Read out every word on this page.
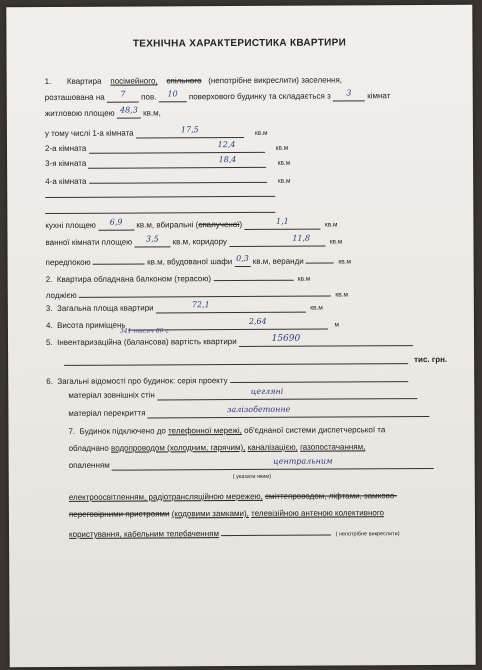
ТЕХНІЧНА ХАРАКТЕРИСТИКА КВАРТИРИ
1. Квартира посімейного, спільного (непотрібне викреслити) заселення,
розташована на 7 пов. 10 поверхового будинку та складається з 3 кімнат
житловою площею 48,3 кв.м,
у тому числі 1-а кімната	17,5	кв.м
2-а кімната	12,4	кв.м
3-я кімната	18,4	кв.м
4-а кімната	кв.м
кухні площею 6,9 кв.м, вбиральні (спалученої)	1,1	кв.м
ванної кімнати площею 3,5 кв.м, коридору	11,8	кв.м
передпокою	кв.м, вбудованої шафи 0,3 кв.м, веранди	кв.м
2. Квартира обладнана балконом (терасою)	кв.м
лоджією	кв.м
3. Загальна площа квартири	72,1	кв.м
4. Висота приміщень	2,64	м
341 тисяч 86 с
5. Інвентаризаційна (балансова) вартість квартири	15690
тис. грн.
6. Загальні відомості про будинок: серія проекту
матеріал зовнішніх стін	цегляні
матеріал перекриття	залізобетонне
7. Будинок підключено до телефонної мережі, об'єднаної системи диспетчерської та
обладнано водопроводом (холодним, гарячим), каналізацією, газопостачанням,
опаленням	центральним
( указати яким)
електроосвітленням, радіотрансляційною мережею, сміттепроводом, ліфтами, замково-
переговірними пристроями (кодовими замками), телевізійною антеною колективного
користування, кабельним телебаченням	( непотрібне викреслити)
